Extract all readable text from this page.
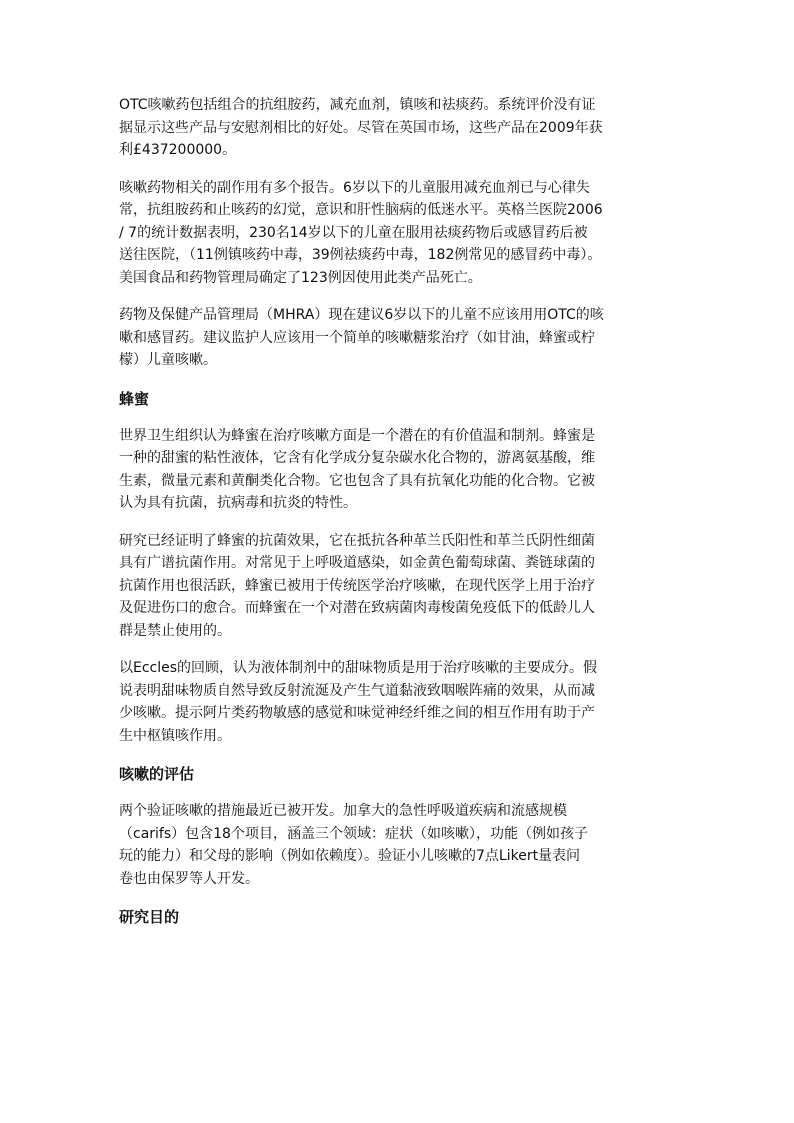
OTC咳嗽药包括组合的抗组胺药，减充血剂，镇咳和祛痰药。系统评价没有证
据显示这些产品与安慰剂相比的好处。尽管在英国市场，这些产品在2009年获
利£437200000。
咳嗽药物相关的副作用有多个报告。6岁以下的儿童服用减充血剂已与心律失
常，抗组胺药和止咳药的幻觉，意识和肝性脑病的低迷水平。英格兰医院2006
/ 7的统计数据表明，230名14岁以下的儿童在服用祛痰药物后或感冒药后被
送往医院，（11例镇咳药中毒，39例祛痰药中毒，182例常见的感冒药中毒）。
美国食品和药物管理局确定了123例因使用此类产品死亡。
药物及保健产品管理局（MHRA）现在建议6岁以下的儿童不应该用用OTC的咳
嗽和感冒药。建议监护人应该用一个简单的咳嗽糖浆治疗（如甘油，蜂蜜或柠
檬）儿童咳嗽。
蜂蜜
世界卫生组织认为蜂蜜在治疗咳嗽方面是一个潜在的有价值温和制剂。蜂蜜是
一种的甜蜜的粘性液体，它含有化学成分复杂碳水化合物的，游离氨基酸，维
生素，微量元素和黄酮类化合物。它也包含了具有抗氧化功能的化合物。它被
认为具有抗菌，抗病毒和抗炎的特性。
研究已经证明了蜂蜜的抗菌效果，它在抵抗各种革兰氏阳性和革兰氏阴性细菌
具有广谱抗菌作用。对常见于上呼吸道感染，如金黄色葡萄球菌、粪链球菌的
抗菌作用也很活跃，蜂蜜已被用于传统医学治疗咳嗽，在现代医学上用于治疗
及促进伤口的愈合。而蜂蜜在一个对潜在致病菌肉毒梭菌免疫低下的低龄儿人
群是禁止使用的。
以Eccles的回顾，认为液体制剂中的甜味物质是用于治疗咳嗽的主要成分。假
说表明甜味物质自然导致反射流涎及产生气道黏液致咽喉阵痛的效果，从而减
少咳嗽。提示阿片类药物敏感的感觉和味觉神经纤维之间的相互作用有助于产
生中枢镇咳作用。
咳嗽的评估
两个验证咳嗽的措施最近已被开发。加拿大的急性呼吸道疾病和流感规模
（carifs）包含18个项目，涵盖三个领域：症状（如咳嗽），功能（例如孩子
玩的能力）和父母的影响（例如依赖度）。验证小儿咳嗽的7点Likert量表问
卷也由保罗等人开发。
研究目的
